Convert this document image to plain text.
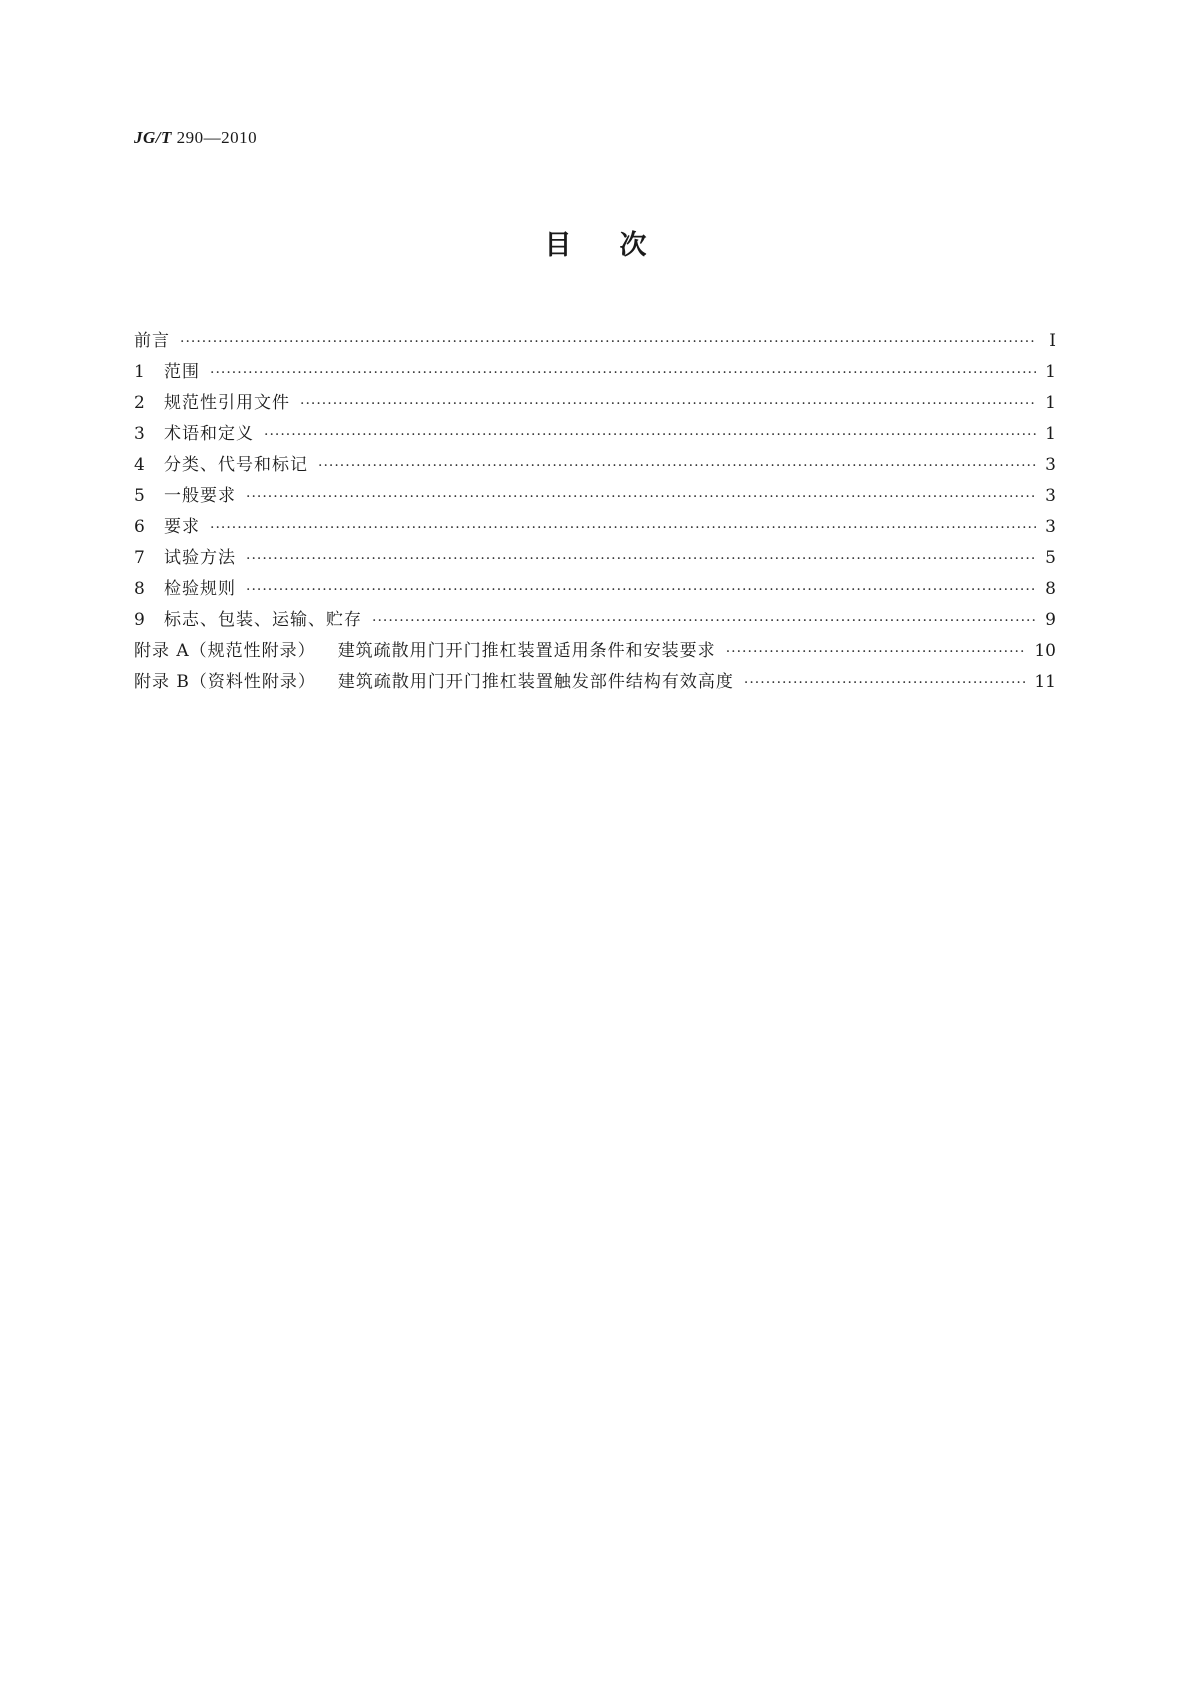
JG/T 290—2010
目 次
前言 ·····	Ⅰ
1	范围 ·····	1
2	规范性引用文件 ·····	1
3	术语和定义 ·····	1
4	分类、代号和标记 ·····	3
5	一般要求 ·····	3
6	要求 ·····	3
7	试验方法 ·····	5
8	检验规则 ·····	8
9	标志、包装、运输、贮存 ·····	9
附录 A（规范性附录） 建筑疏散用门开门推杠装置适用条件和安装要求 ·····	10
附录 B（资料性附录） 建筑疏散用门开门推杠装置触发部件结构有效高度 ·····	11
